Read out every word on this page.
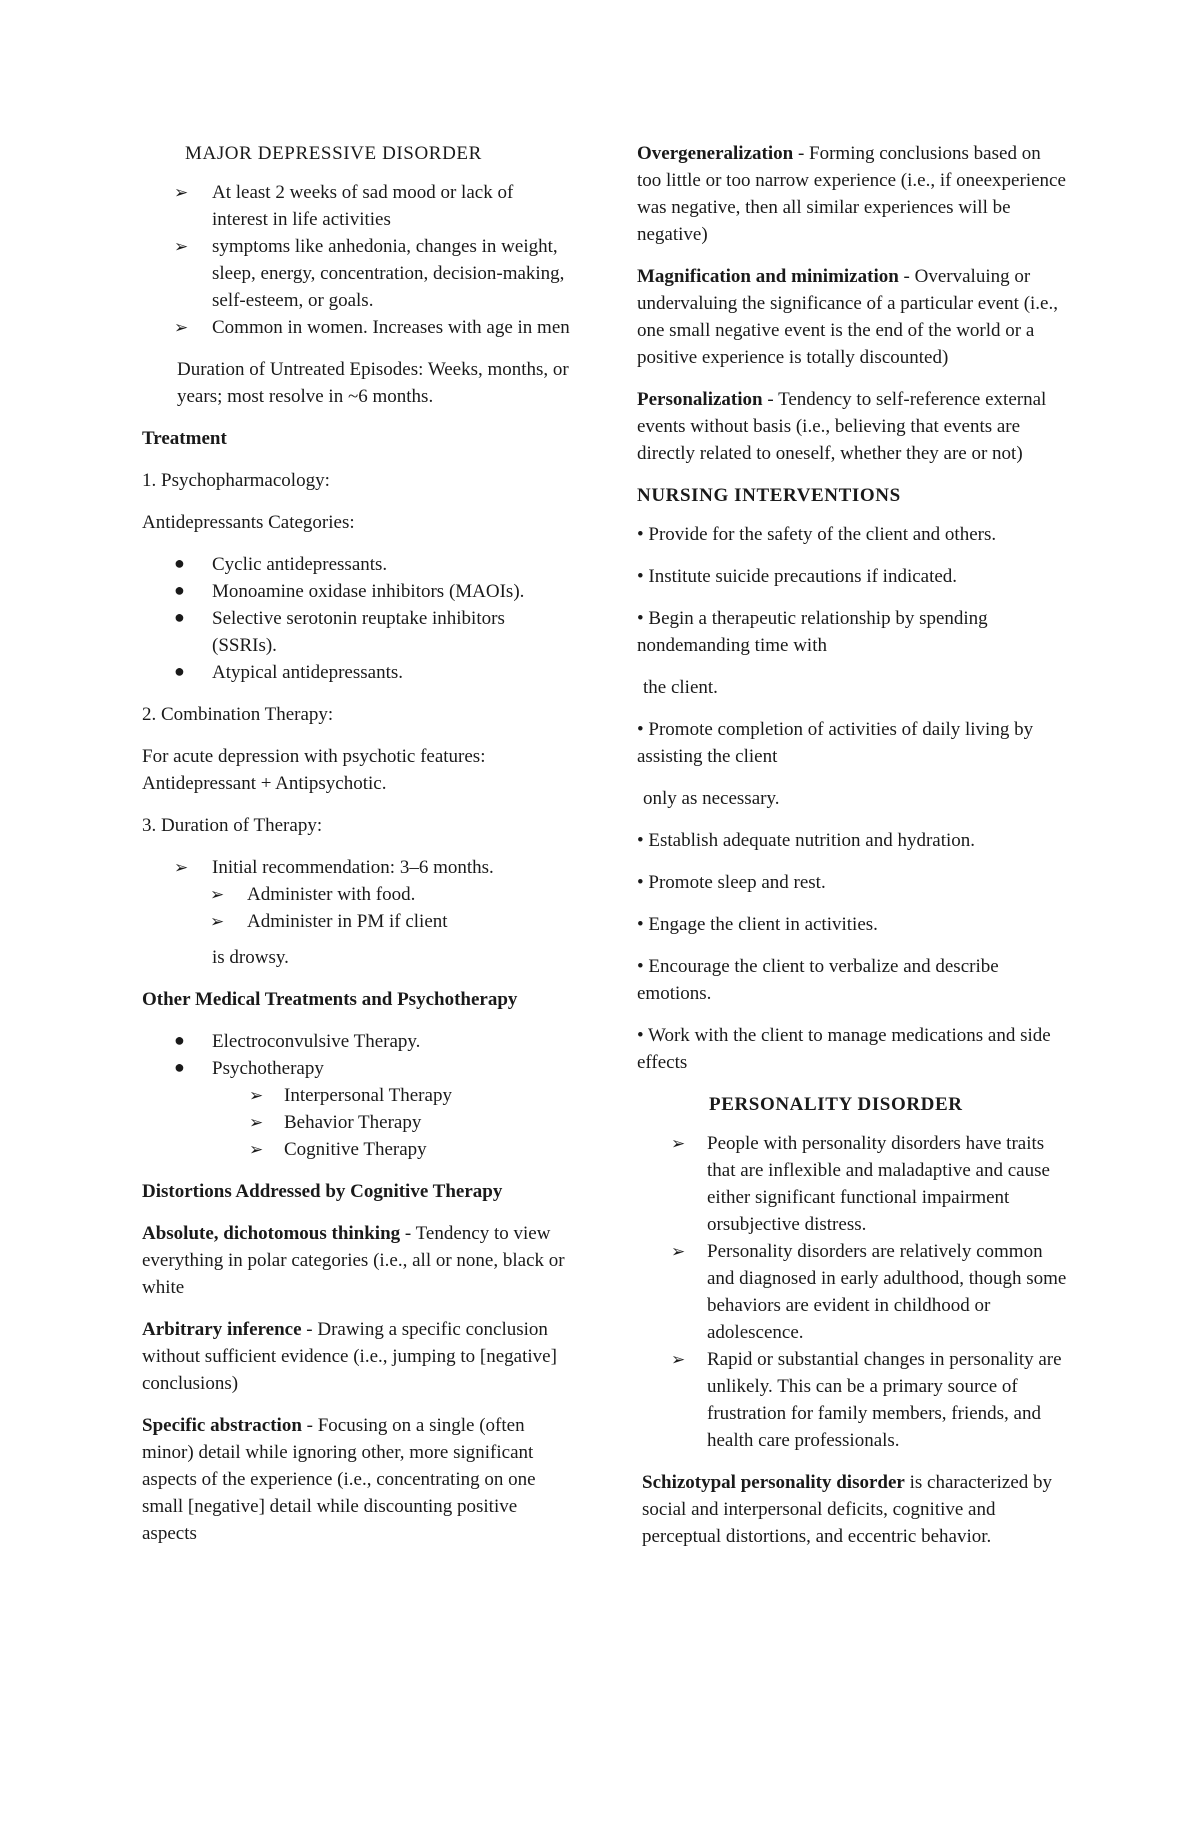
MAJOR DEPRESSIVE DISORDER

➢ At least 2 weeks of sad mood or lack of interest in life activities
➢ symptoms like anhedonia, changes in weight, sleep, energy, concentration, decision-making, self-esteem, or goals.
➢ Common in women. Increases with age in men

Duration of Untreated Episodes: Weeks, months, or years; most resolve in ~6 months.

Treatment

1. Psychopharmacology:

Antidepressants Categories:

● Cyclic antidepressants.
● Monoamine oxidase inhibitors (MAOIs).
● Selective serotonin reuptake inhibitors (SSRIs).
● Atypical antidepressants.

2. Combination Therapy:

For acute depression with psychotic features: Antidepressant + Antipsychotic.

3. Duration of Therapy:

➢ Initial recommendation: 3–6 months.
➢ Administer with food.
➢ Administer in PM if client

is drowsy.

Other Medical Treatments and Psychotherapy

● Electroconvulsive Therapy.
● Psychotherapy
➢ Interpersonal Therapy
➢ Behavior Therapy
➢ Cognitive Therapy

Distortions Addressed by Cognitive Therapy

Absolute, dichotomous thinking - Tendency to view everything in polar categories (i.e., all or none, black or white

Arbitrary inference - Drawing a specific conclusion without sufficient evidence (i.e., jumping to [negative] conclusions)

Specific abstraction - Focusing on a single (often minor) detail while ignoring other, more significant aspects of the experience (i.e., concentrating on one small [negative] detail while discounting positive aspects

Overgeneralization - Forming conclusions based on too little or too narrow experience (i.e., if oneexperience was negative, then all similar experiences will be negative)

Magnification and minimization - Overvaluing or undervaluing the significance of a particular event (i.e., one small negative event is the end of the world or a positive experience is totally discounted)

Personalization - Tendency to self-reference external events without basis (i.e., believing that events are directly related to oneself, whether they are or not)

NURSING INTERVENTIONS

• Provide for the safety of the client and others.

• Institute suicide precautions if indicated.

• Begin a therapeutic relationship by spending nondemanding time with

the client.

• Promote completion of activities of daily living by assisting the client

only as necessary.

• Establish adequate nutrition and hydration.

• Promote sleep and rest.

• Engage the client in activities.

• Encourage the client to verbalize and describe emotions.

• Work with the client to manage medications and side effects

PERSONALITY DISORDER

➢ People with personality disorders have traits that are inflexible and maladaptive and cause either significant functional impairment orsubjective distress.
➢ Personality disorders are relatively common and diagnosed in early adulthood, though some behaviors are evident in childhood or adolescence.
➢ Rapid or substantial changes in personality are unlikely. This can be a primary source of frustration for family members, friends, and health care professionals.

Schizotypal personality disorder is characterized by social and interpersonal deficits, cognitive and perceptual distortions, and eccentric behavior.
